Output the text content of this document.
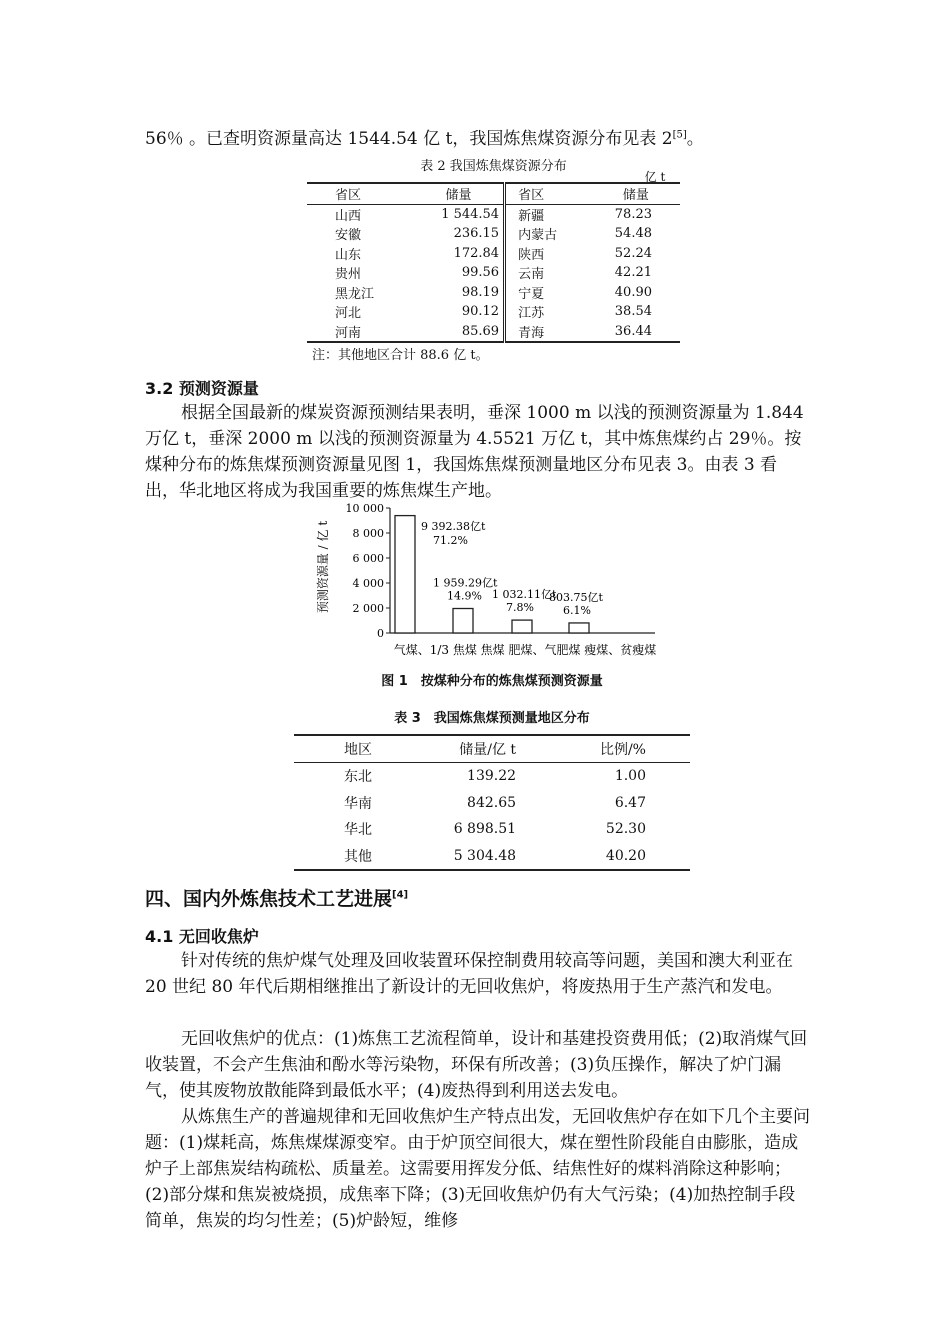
56％ 。已查明资源量高达 1544.54 亿 t，我国炼焦煤资源分布见表 2[5]。

表 2 我国炼焦煤资源分布

亿 t

省区	储量	省区	储量
山西	1 544.54	新疆	78.23
安徽	236.15	内蒙古	54.48
山东	172.84	陕西	52.24
贵州	99.56	云南	42.21
黑龙江	98.19	宁夏	40.90
河北	90.12	江苏	38.54
河南	85.69	青海	36.44

注：其他地区合计 88.6 亿 t。

3.2 预测资源量

根据全国最新的煤炭资源预测结果表明，垂深 1000 m 以浅的预测资源量为 1.844 万亿 t，垂深 2000 m 以浅的预测资源量为 4.5521 万亿 t，其中炼焦煤约占 29％。按煤种分布的炼焦煤预测资源量见图 1，我国炼焦煤预测量地区分布见表 3。由表 3 看出，华北地区将成为我国重要的炼焦煤生产地。

预测资源量 / 亿 t
0
2 000
4 000
6 000
8 000
10 000
9 392.38亿t
71.2%
1 959.29亿t
14.9% 1 032.11亿t
7.8%
803.75亿t
6.1%
气煤、1/3 焦煤 焦煤 肥煤、气肥煤 瘦煤、贫瘦煤

图 1　按煤种分布的炼焦煤预测资源量

表 3　我国炼焦煤预测量地区分布

地区	储量/亿 t	比例/%
东北	139.22	1.00
华南	842.65	6.47
华北	6 898.51	52.30
其他	5 304.48	40.20

四、国内外炼焦技术工艺进展[4]

4.1 无回收焦炉

针对传统的焦炉煤气处理及回收装置环保控制费用较高等问题，美国和澳大利亚在 20 世纪 80 年代后期相继推出了新设计的无回收焦炉，将废热用于生产蒸汽和发电。

无回收焦炉的优点：(1)炼焦工艺流程简单，设计和基建投资费用低；(2)取消煤气回收装置，不会产生焦油和酚水等污染物，环保有所改善；(3)负压操作，解决了炉门漏气，使其废物放散能降到最低水平；(4)废热得到利用送去发电。

从炼焦生产的普遍规律和无回收焦炉生产特点出发，无回收焦炉存在如下几个主要问题：(1)煤耗高，炼焦煤煤源变窄。由于炉顶空间很大，煤在塑性阶段能自由膨胀，造成炉子上部焦炭结构疏松、质量差。这需要用挥发分低、结焦性好的煤料消除这种影响；(2)部分煤和焦炭被烧损，成焦率下降；(3)无回收焦炉仍有大气污染；(4)加热控制手段简单，焦炭的均匀性差；(5)炉龄短，维修
